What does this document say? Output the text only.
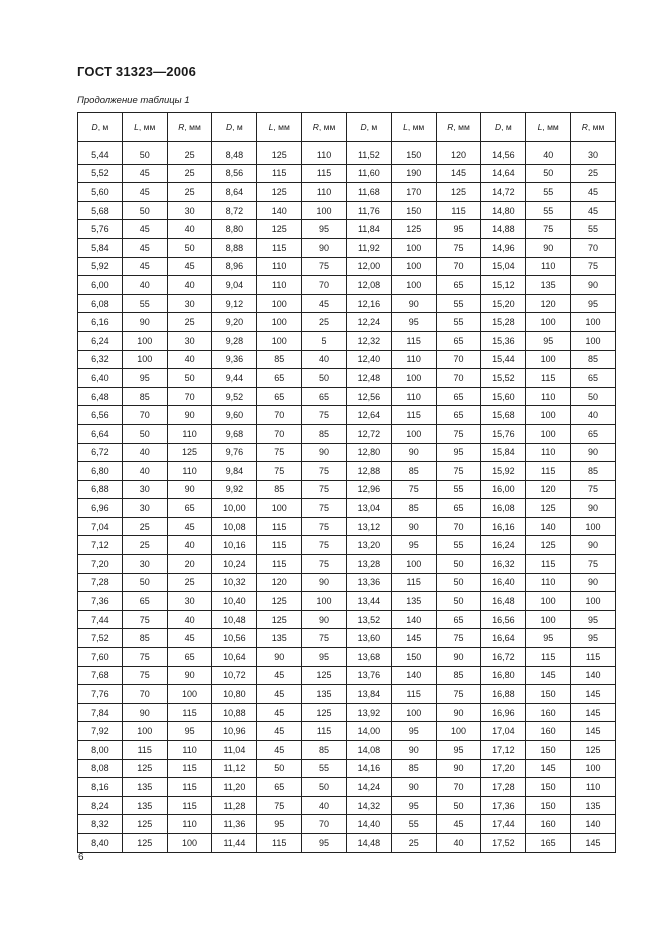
ГОСТ 31323—2006
Продолжение таблицы 1
D, м	L, мм	R, мм	D, м	L, мм	R, мм	D, м	L, мм	R, мм	D, м	L, мм	R, мм
5,44	50	25	8,48	125	110	11,52	150	120	14,56	40	30
5,52	45	25	8,56	115	115	11,60	190	145	14,64	50	25
5,60	45	25	8,64	125	110	11,68	170	125	14,72	55	45
5,68	50	30	8,72	140	100	11,76	150	115	14,80	55	45
5,76	45	40	8,80	125	95	11,84	125	95	14,88	75	55
5,84	45	50	8,88	115	90	11,92	100	75	14,96	90	70
5,92	45	45	8,96	110	75	12,00	100	70	15,04	110	75
6,00	40	40	9,04	110	70	12,08	100	65	15,12	135	90
6,08	55	30	9,12	100	45	12,16	90	55	15,20	120	95
6,16	90	25	9,20	100	25	12,24	95	55	15,28	100	100
6,24	100	30	9,28	100	5	12,32	115	65	15,36	95	100
6,32	100	40	9,36	85	40	12,40	110	70	15,44	100	85
6,40	95	50	9,44	65	50	12,48	100	70	15,52	115	65
6,48	85	70	9,52	65	65	12,56	110	65	15,60	110	50
6,56	70	90	9,60	70	75	12,64	115	65	15,68	100	40
6,64	50	110	9,68	70	85	12,72	100	75	15,76	100	65
6,72	40	125	9,76	75	90	12,80	90	95	15,84	110	90
6,80	40	110	9,84	75	75	12,88	85	75	15,92	115	85
6,88	30	90	9,92	85	75	12,96	75	55	16,00	120	75
6,96	30	65	10,00	100	75	13,04	85	65	16,08	125	90
7,04	25	45	10,08	115	75	13,12	90	70	16,16	140	100
7,12	25	40	10,16	115	75	13,20	95	55	16,24	125	90
7,20	30	20	10,24	115	75	13,28	100	50	16,32	115	75
7,28	50	25	10,32	120	90	13,36	115	50	16,40	110	90
7,36	65	30	10,40	125	100	13,44	135	50	16,48	100	100
7,44	75	40	10,48	125	90	13,52	140	65	16,56	100	95
7,52	85	45	10,56	135	75	13,60	145	75	16,64	95	95
7,60	75	65	10,64	90	95	13,68	150	90	16,72	115	115
7,68	75	90	10,72	45	125	13,76	140	85	16,80	145	140
7,76	70	100	10,80	45	135	13,84	115	75	16,88	150	145
7,84	90	115	10,88	45	125	13,92	100	90	16,96	160	145
7,92	100	95	10,96	45	115	14,00	95	100	17,04	160	145
8,00	115	110	11,04	45	85	14,08	90	95	17,12	150	125
8,08	125	115	11,12	50	55	14,16	85	90	17,20	145	100
8,16	135	115	11,20	65	50	14,24	90	70	17,28	150	110
8,24	135	115	11,28	75	40	14,32	95	50	17,36	150	135
8,32	125	110	11,36	95	70	14,40	55	45	17,44	160	140
8,40	125	100	11,44	115	95	14,48	25	40	17,52	165	145
6
